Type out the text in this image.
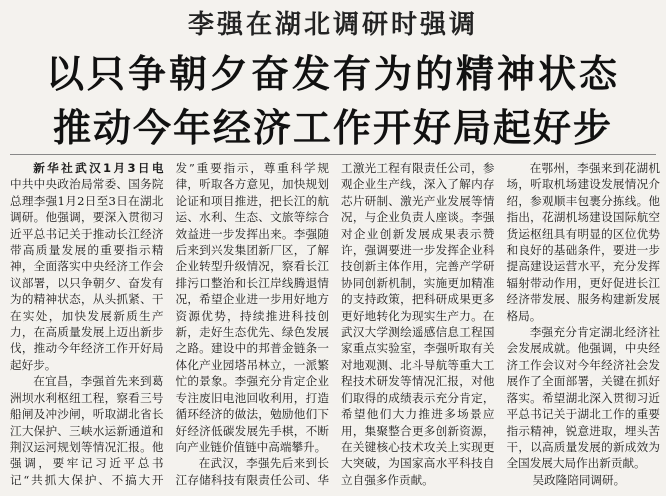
李强在湖北调研时强调
以只争朝夕奋发有为的精神状态
推动今年经济工作开好局起好步

新华社武汉1月3日电　中共中央政治局常委、国务院总理李强1月2日至3日在湖北调研。他强调，要深入贯彻习近平总书记关于推动长江经济带高质量发展的重要指示精神，全面落实中央经济工作会议部署，以只争朝夕、奋发有为的精神状态，从头抓紧、干在实处，加快发展新质生产力，在高质量发展上迈出新步伐，推动今年经济工作开好局起好步。

在宜昌，李强首先来到葛洲坝水利枢纽工程，察看三号船闸及冲沙闸，听取湖北省长江大保护、三峡水运新通道和荆汉运河规划等情况汇报。他强调，要牢记习近平总书记“共抓大保护、不搞大开发”重要指示，尊重科学规律，听取各方意见，加快规划论证和项目推进，把长江的航运、水利、生态、文旅等综合效益进一步发挥出来。李强随后来到兴发集团新厂区，了解企业转型升级情况，察看长江排污口整治和长江岸线腾退情况，希望企业进一步用好地方资源优势，持续推进科技创新，走好生态优先、绿色发展之路。建设中的邦普金链条一体化产业园塔吊林立，一派繁忙的景象。李强充分肯定企业专注废旧电池回收利用，打造循环经济的做法，勉励他们下好经济低碳发展先手棋，不断向产业链价值链中高端攀升。

在武汉，李强先后来到长江存储科技有限责任公司、华工激光工程有限责任公司，参观企业生产线，深入了解内存芯片研制、激光产业发展等情况，与企业负责人座谈。李强对企业创新发展成果表示赞许，强调要进一步发挥企业科技创新主体作用，完善产学研协同创新机制，实施更加精准的支持政策，把科研成果更多更好地转化为现实生产力。在武汉大学测绘遥感信息工程国家重点实验室，李强听取有关对地观测、北斗导航等重大工程技术研发等情况汇报，对他们取得的成绩表示充分肯定，希望他们大力推进多场景应用，集聚整合更多创新资源，在关键核心技术攻关上实现更大突破，为国家高水平科技自立自强多作贡献。

在鄂州，李强来到花湖机场，听取机场建设发展情况介绍，参观顺丰包裹分拣线。他指出，花湖机场建设国际航空货运枢纽具有明显的区位优势和良好的基础条件，要进一步提高建设运营水平，充分发挥辐射带动作用，更好促进长江经济带发展、服务构建新发展格局。

李强充分肯定湖北经济社会发展成就。他强调，中央经济工作会议对今年经济社会发展作了全面部署，关键在抓好落实。希望湖北深入贯彻习近平总书记关于湖北工作的重要指示精神，锐意进取，埋头苦干，以高质量发展的新成效为全国发展大局作出新贡献。

吴政隆陪同调研。
